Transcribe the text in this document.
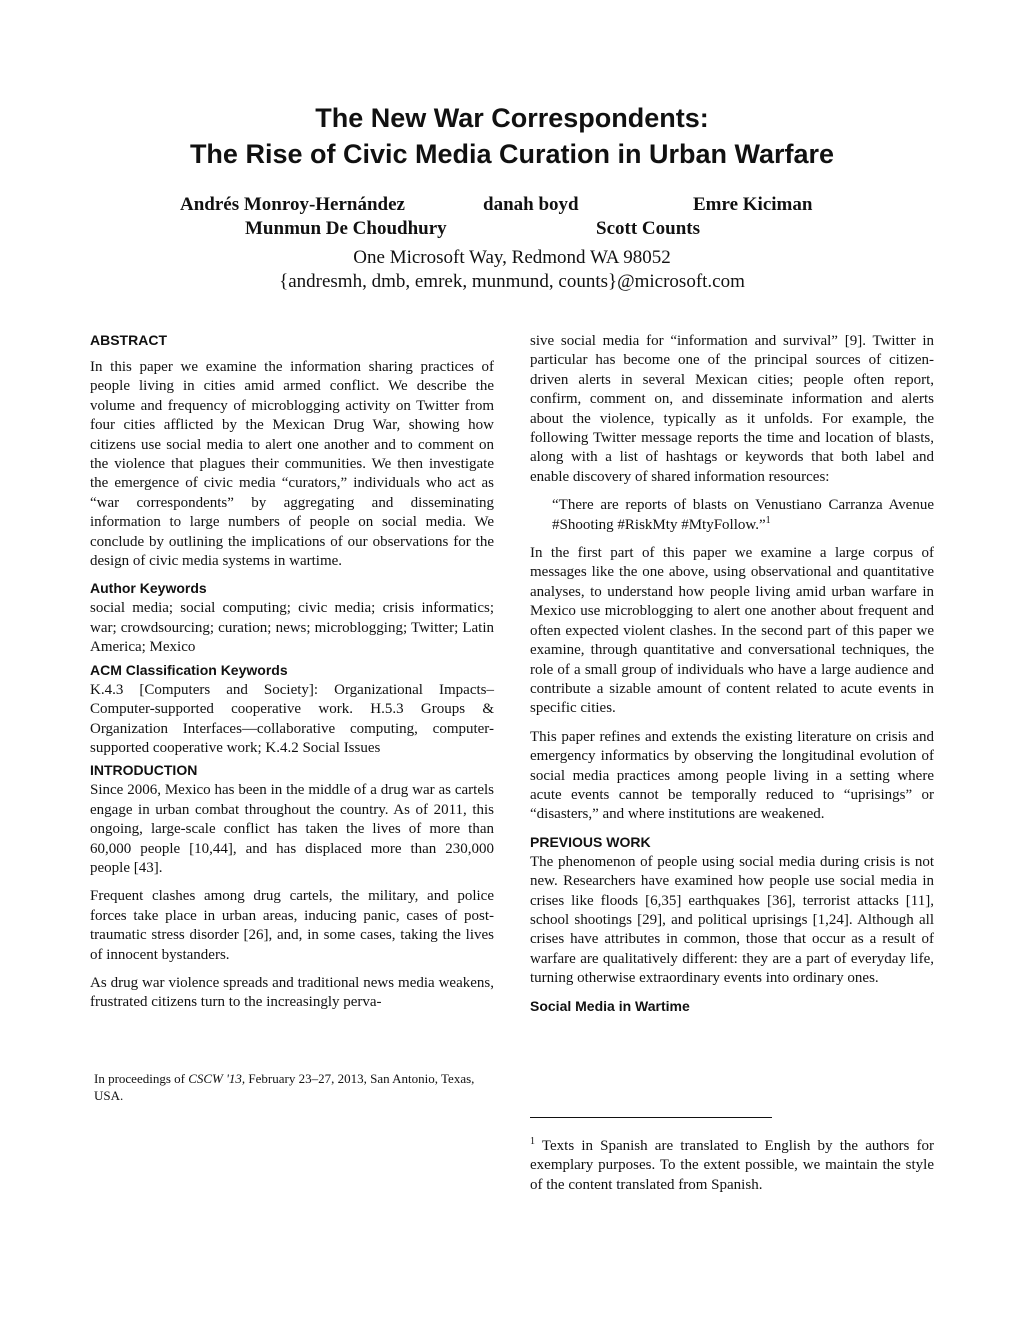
The New War Correspondents:
The Rise of Civic Media Curation in Urban Warfare
Andrés Monroy-Hernández	danah boyd	Emre Kiciman
Munmun De Choudhury	Scott Counts
One Microsoft Way, Redmond WA 98052
{andresmh, dmb, emrek, munmund, counts}@microsoft.com
ABSTRACT

In this paper we examine the information sharing practices of people living in cities amid armed conflict. We describe the volume and frequency of microblogging activity on Twitter from four cities afflicted by the Mexican Drug War, showing how citizens use social media to alert one another and to comment on the violence that plagues their communities. We then investigate the emergence of civic media “curators,” individuals who act as “war correspondents” by aggregating and disseminating information to large numbers of people on social media. We conclude by outlining the implications of our observations for the design of civic media systems in wartime.

Author Keywords

social media; social computing; civic media; crisis informatics; war; crowdsourcing; curation; news; microblogging; Twitter; Latin America; Mexico

ACM Classification Keywords

K.4.3 [Computers and Society]: Organizational Impacts–Computer-supported cooperative work. H.5.3 Groups & Organization Interfaces—collaborative computing, computer-supported cooperative work; K.4.2 Social Issues

INTRODUCTION

Since 2006, Mexico has been in the middle of a drug war as cartels engage in urban combat throughout the country. As of 2011, this ongoing, large-scale conflict has taken the lives of more than 60,000 people [10,44], and has displaced more than 230,000 people [43].

Frequent clashes among drug cartels, the military, and police forces take place in urban areas, inducing panic, cases of post-traumatic stress disorder [26], and, in some cases, taking the lives of innocent bystanders.

As drug war violence spreads and traditional news media weakens, frustrated citizens turn to the increasingly perva-

In proceedings of CSCW '13, February 23–27, 2013, San Antonio, Texas, USA.

sive social media for “information and survival” [9]. Twitter in particular has become one of the principal sources of citizen-driven alerts in several Mexican cities; people often report, confirm, comment on, and disseminate information and alerts about the violence, typically as it unfolds. For example, the following Twitter message reports the time and location of blasts, along with a list of hashtags or keywords that both label and enable discovery of shared information resources:

“There are reports of blasts on Venustiano Carranza Avenue #Shooting #RiskMty #MtyFollow.”$^1$

In the first part of this paper we examine a large corpus of messages like the one above, using observational and quantitative analyses, to understand how people living amid urban warfare in Mexico use microblogging to alert one another about frequent and often expected violent clashes. In the second part of this paper we examine, through quantitative and conversational techniques, the role of a small group of individuals who have a large audience and contribute a sizable amount of content related to acute events in specific cities.

This paper refines and extends the existing literature on crisis and emergency informatics by observing the longitudinal evolution of social media practices among people living in a setting where acute events cannot be temporally reduced to “uprisings” or “disasters,” and where institutions are weakened.

PREVIOUS WORK

The phenomenon of people using social media during crisis is not new. Researchers have examined how people use social media in crises like floods [6,35] earthquakes [36], terrorist attacks [11], school shootings [29], and political uprisings [1,24]. Although all crises have attributes in common, those that occur as a result of warfare are qualitatively different: they are a part of everyday life, turning otherwise extraordinary events into ordinary ones.

Social Media in Wartime
$^1$ Texts in Spanish are translated to English by the authors for exemplary purposes. To the extent possible, we maintain the style of the content translated from Spanish.
